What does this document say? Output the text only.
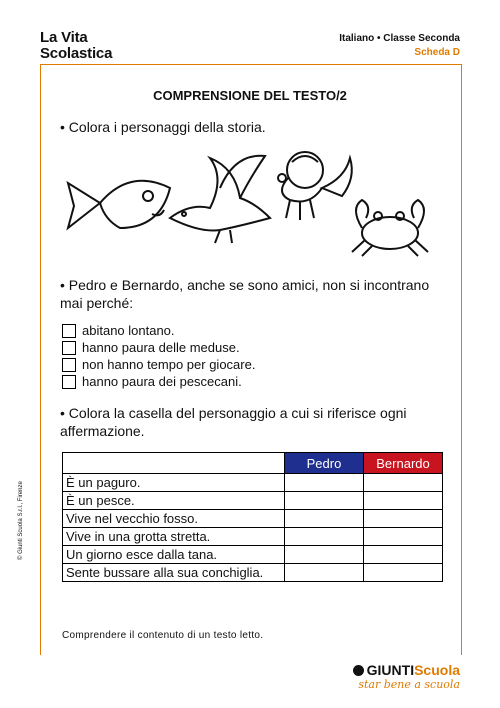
La Vita
Scolastica
Italiano • Classe Seconda
Scheda D
COMPRENSIONE DEL TESTO/2
• Colora i personaggi della storia.
• Pedro e Bernardo, anche se sono amici, non si incontrano mai perché:
abitano lontano.
hanno paura delle meduse.
non hanno tempo per giocare.
hanno paura dei pescecani.
• Colora la casella del personaggio a cui si riferisce ogni affermazione.
	Pedro	Bernardo
È un paguro.		
È un pesce.		
Vive nel vecchio fosso.		
Vive in una grotta stretta.		
Un giorno esce dalla tana.		
Sente bussare alla sua conchiglia.		
Comprendere il contenuto di un testo letto.
© Giunti Scuola S.r.l., Firenze
GIUNTIScuola
star bene a scuola
